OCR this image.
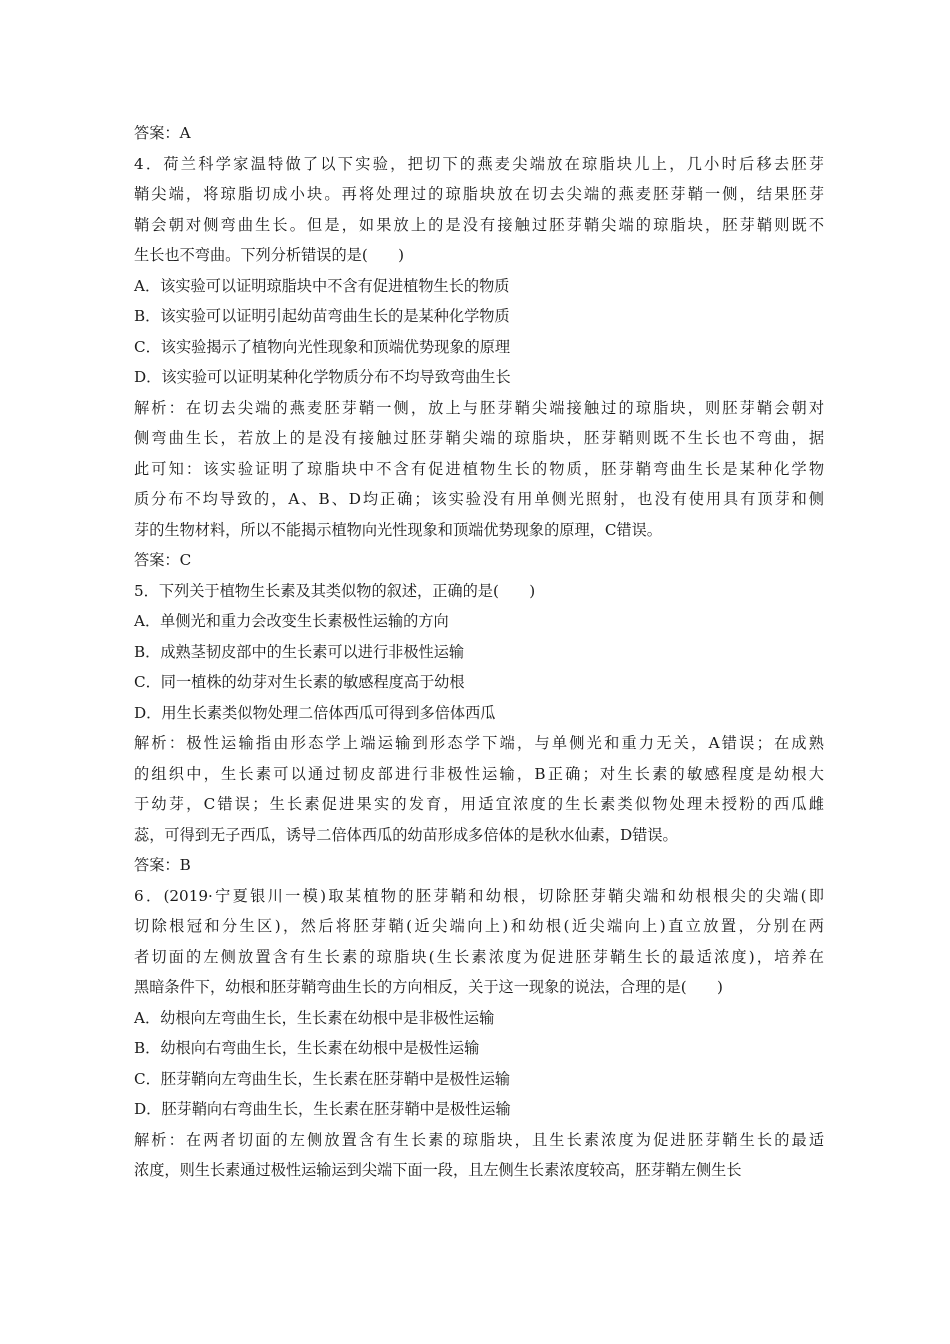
答案：A
4．荷兰科学家温特做了以下实验，把切下的燕麦尖端放在琼脂块儿上，几小时后移去胚芽
鞘尖端，将琼脂切成小块。再将处理过的琼脂块放在切去尖端的燕麦胚芽鞘一侧，结果胚芽
鞘会朝对侧弯曲生长。但是，如果放上的是没有接触过胚芽鞘尖端的琼脂块，胚芽鞘则既不
生长也不弯曲。下列分析错误的是(　　)
A．该实验可以证明琼脂块中不含有促进植物生长的物质
B．该实验可以证明引起幼苗弯曲生长的是某种化学物质
C．该实验揭示了植物向光性现象和顶端优势现象的原理
D．该实验可以证明某种化学物质分布不均导致弯曲生长
解析：在切去尖端的燕麦胚芽鞘一侧，放上与胚芽鞘尖端接触过的琼脂块，则胚芽鞘会朝对
侧弯曲生长，若放上的是没有接触过胚芽鞘尖端的琼脂块，胚芽鞘则既不生长也不弯曲，据
此可知：该实验证明了琼脂块中不含有促进植物生长的物质，胚芽鞘弯曲生长是某种化学物
质分布不均导致的，A、B、D均正确；该实验没有用单侧光照射，也没有使用具有顶芽和侧
芽的生物材料，所以不能揭示植物向光性现象和顶端优势现象的原理，C错误。
答案：C
5．下列关于植物生长素及其类似物的叙述，正确的是(　　)
A．单侧光和重力会改变生长素极性运输的方向
B．成熟茎韧皮部中的生长素可以进行非极性运输
C．同一植株的幼芽对生长素的敏感程度高于幼根
D．用生长素类似物处理二倍体西瓜可得到多倍体西瓜
解析：极性运输指由形态学上端运输到形态学下端，与单侧光和重力无关，A错误；在成熟
的组织中，生长素可以通过韧皮部进行非极性运输，B正确；对生长素的敏感程度是幼根大
于幼芽，C错误；生长素促进果实的发育，用适宜浓度的生长素类似物处理未授粉的西瓜雌
蕊，可得到无子西瓜，诱导二倍体西瓜的幼苗形成多倍体的是秋水仙素，D错误。
答案：B
6．(2019·宁夏银川一模)取某植物的胚芽鞘和幼根，切除胚芽鞘尖端和幼根根尖的尖端(即
切除根冠和分生区)，然后将胚芽鞘(近尖端向上)和幼根(近尖端向上)直立放置，分别在两
者切面的左侧放置含有生长素的琼脂块(生长素浓度为促进胚芽鞘生长的最适浓度)，培养在
黑暗条件下，幼根和胚芽鞘弯曲生长的方向相反，关于这一现象的说法，合理的是(　　)
A．幼根向左弯曲生长，生长素在幼根中是非极性运输
B．幼根向右弯曲生长，生长素在幼根中是极性运输
C．胚芽鞘向左弯曲生长，生长素在胚芽鞘中是极性运输
D．胚芽鞘向右弯曲生长，生长素在胚芽鞘中是极性运输
解析：在两者切面的左侧放置含有生长素的琼脂块，且生长素浓度为促进胚芽鞘生长的最适
浓度，则生长素通过极性运输运到尖端下面一段，且左侧生长素浓度较高，胚芽鞘左侧生长
